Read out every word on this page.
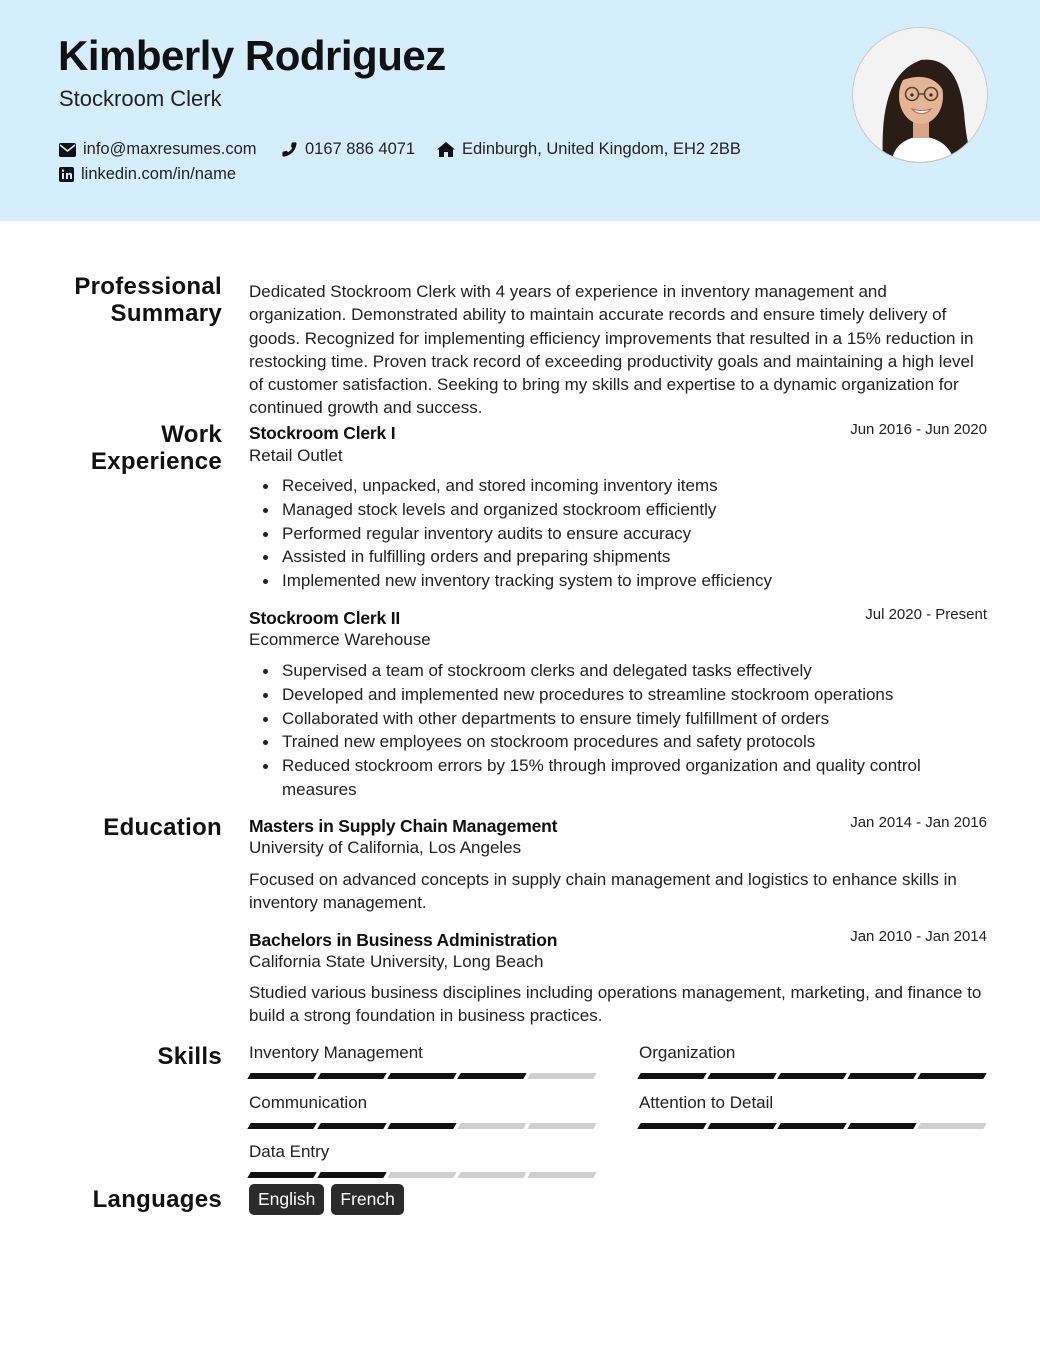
Kimberly Rodriguez
Stockroom Clerk
info@maxresumes.com	0167 886 4071	Edinburgh, United Kingdom, EH2 2BB
linkedin.com/in/name
Professional
Summary
Dedicated Stockroom Clerk with 4 years of experience in inventory management and organization. Demonstrated ability to maintain accurate records and ensure timely delivery of goods. Recognized for implementing efficiency improvements that resulted in a 15% reduction in restocking time. Proven track record of exceeding productivity goals and maintaining a high level of customer satisfaction. Seeking to bring my skills and expertise to a dynamic organization for continued growth and success.
Work
Experience
Stockroom Clerk I	Jun 2016 - Jun 2020
Retail Outlet
Received, unpacked, and stored incoming inventory items
Managed stock levels and organized stockroom efficiently
Performed regular inventory audits to ensure accuracy
Assisted in fulfilling orders and preparing shipments
Implemented new inventory tracking system to improve efficiency
Stockroom Clerk II	Jul 2020 - Present
Ecommerce Warehouse
Supervised a team of stockroom clerks and delegated tasks effectively
Developed and implemented new procedures to streamline stockroom operations
Collaborated with other departments to ensure timely fulfillment of orders
Trained new employees on stockroom procedures and safety protocols
Reduced stockroom errors by 15% through improved organization and quality control measures
Education Masters in Supply Chain Management	Jan 2014 - Jan 2016
University of California, Los Angeles
Focused on advanced concepts in supply chain management and logistics to enhance skills in inventory management.
Bachelors in Business Administration	Jan 2010 - Jan 2014
California State University, Long Beach
Studied various business disciplines including operations management, marketing, and finance to build a strong foundation in business practices.
Skills Inventory Management	Organization
Communication	Attention to Detail
Data Entry
Languages	English	French
